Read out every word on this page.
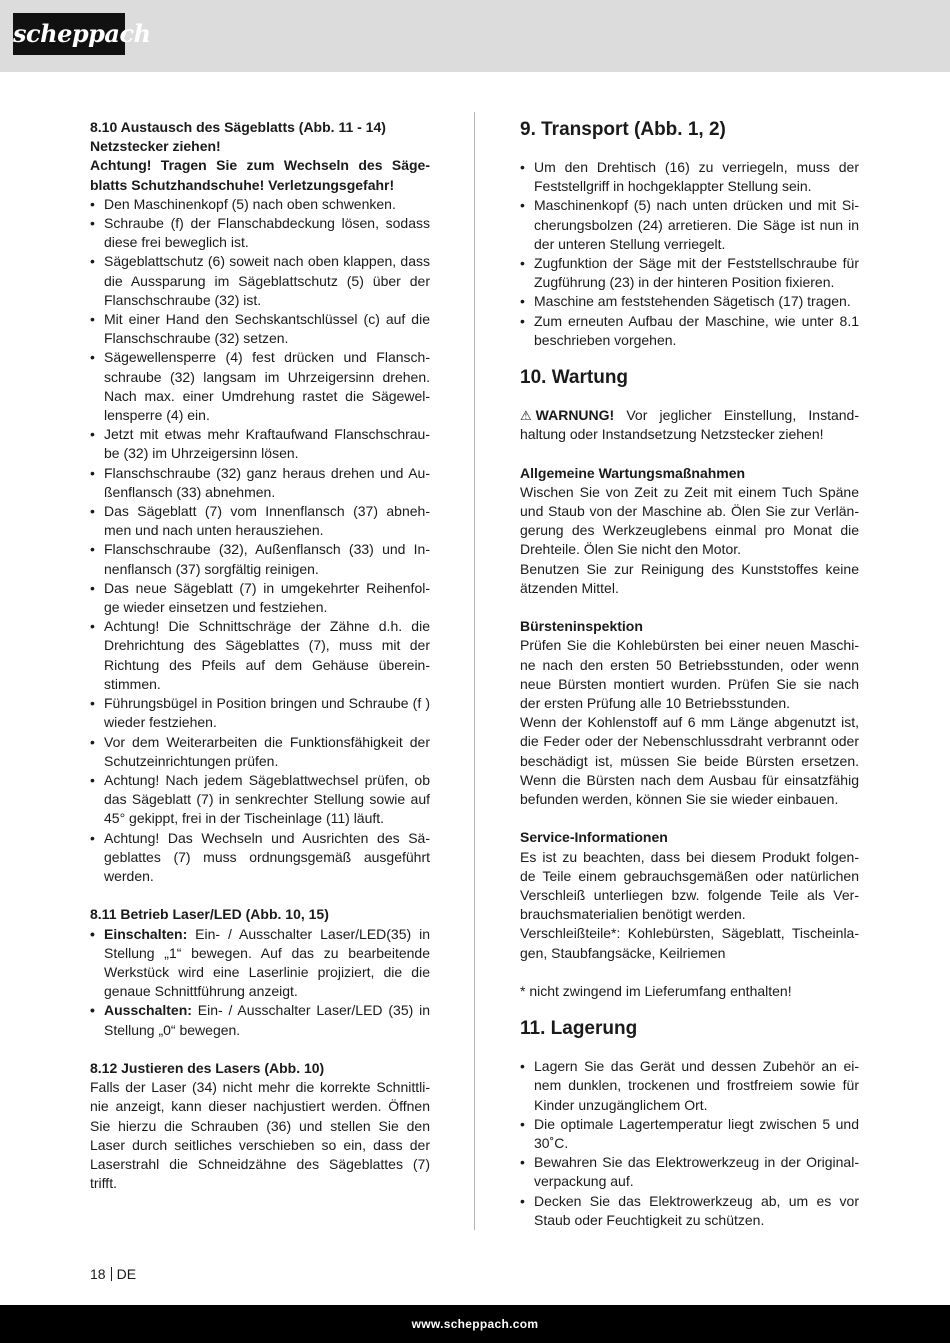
scheppach

8.10 Austausch des Sägeblatts (Abb. 11 - 14)

Netzstecker ziehen!

Achtung! Tragen Sie zum Wechseln des Säge- blatts Schutzhandschuhe! Verletzungsgefahr!

• Den Maschinenkopf (5) nach oben schwenken.
• Schraube (f) der Flanschabdeckung lösen, sodass diese frei beweglich ist.
• Sägeblattschutz (6) soweit nach oben klappen, dass die Aussparung im Sägeblattschutz (5) über der Flanschschraube (32) ist.
• Mit einer Hand den Sechskantschlüssel (c) auf die Flanschschraube (32) setzen.
• Sägewellensperre (4) fest drücken und Flansch- schraube (32) langsam im Uhrzeigersinn drehen. Nach max. einer Umdrehung rastet die Sägewel- lensperre (4) ein.
• Jetzt mit etwas mehr Kraftaufwand Flanschschrau- be (32) im Uhrzeigersinn lösen.
• Flanschschraube (32) ganz heraus drehen und Au- ßenflansch (33) abnehmen.
• Das Sägeblatt (7) vom Innenflansch (37) abneh- men und nach unten herausziehen.
• Flanschschraube (32), Außenflansch (33) und In- nenflansch (37) sorgfältig reinigen.
• Das neue Sägeblatt (7) in umgekehrter Reihenfol- ge wieder einsetzen und festziehen.
• Achtung! Die Schnittschräge der Zähne d.h. die Drehrichtung des Sägeblattes (7), muss mit der Richtung des Pfeils auf dem Gehäuse überein- stimmen.
• Führungsbügel in Position bringen und Schraube (f ) wieder festziehen.
• Vor dem Weiterarbeiten die Funktionsfähigkeit der Schutzeinrichtungen prüfen.
• Achtung! Nach jedem Sägeblattwechsel prüfen, ob das Sägeblatt (7) in senkrechter Stellung sowie auf 45° gekippt, frei in der Tischeinlage (11) läuft.
• Achtung! Das Wechseln und Ausrichten des Sä- geblattes (7) muss ordnungsgemäß ausgeführt werden.

8.11 Betrieb Laser/LED (Abb. 10, 15)

• Einschalten: Ein- / Ausschalter Laser/LED(35) in Stellung „1“ bewegen. Auf das zu bearbeitende Werkstück wird eine Laserlinie projiziert, die die genaue Schnittführung anzeigt.
• Ausschalten: Ein- / Ausschalter Laser/LED (35) in Stellung „0“ bewegen.

8.12 Justieren des Lasers (Abb. 10)

Falls der Laser (34) nicht mehr die korrekte Schnittli- nie anzeigt, kann dieser nachjustiert werden. Öffnen Sie hierzu die Schrauben (36) und stellen Sie den Laser durch seitliches verschieben so ein, dass der Laserstrahl die Schneidzähne des Sägeblattes (7) trifft.

9. Transport (Abb. 1, 2)
• Um den Drehtisch (16) zu verriegeln, muss der Feststellgriff in hochgeklappter Stellung sein.
• Maschinenkopf (5) nach unten drücken und mit Si- cherungsbolzen (24) arretieren. Die Säge ist nun in der unteren Stellung verriegelt.
• Zugfunktion der Säge mit der Feststellschraube für Zugführung (23) in der hinteren Position fixieren.
• Maschine am feststehenden Sägetisch (17) tragen.
• Zum erneuten Aufbau der Maschine, wie unter 8.1 beschrieben vorgehen.
10. Wartung

⚠ WARNUNG! Vor jeglicher Einstellung, Instand- haltung oder Instandsetzung Netzstecker ziehen!

Allgemeine Wartungsmaßnahmen

Wischen Sie von Zeit zu Zeit mit einem Tuch Späne und Staub von der Maschine ab. Ölen Sie zur Verlän- gerung des Werkzeuglebens einmal pro Monat die Drehteile. Ölen Sie nicht den Motor.

Benutzen Sie zur Reinigung des Kunststoffes keine ätzenden Mittel.

Bürsteninspektion

Prüfen Sie die Kohlebürsten bei einer neuen Maschi- ne nach den ersten 50 Betriebsstunden, oder wenn neue Bürsten montiert wurden. Prüfen Sie sie nach der ersten Prüfung alle 10 Betriebsstunden.

Wenn der Kohlenstoff auf 6 mm Länge abgenutzt ist, die Feder oder der Nebenschlussdraht verbrannt oder beschädigt ist, müssen Sie beide Bürsten ersetzen. Wenn die Bürsten nach dem Ausbau für einsatzfähig befunden werden, können Sie sie wieder einbauen.

Service-Informationen

Es ist zu beachten, dass bei diesem Produkt folgen- de Teile einem gebrauchsgemäßen oder natürlichen Verschleiß unterliegen bzw. folgende Teile als Ver- brauchsmaterialien benötigt werden.

Verschleißteile*: Kohlebürsten, Sägeblatt, Tischeinla- gen, Staubfangsäcke, Keilriemen

* nicht zwingend im Lieferumfang enthalten!

11. Lagerung
• Lagern Sie das Gerät und dessen Zubehör an ei- nem dunklen, trockenen und frostfreiem sowie für Kinder unzugänglichem Ort.
• Die optimale Lagertemperatur liegt zwischen 5 und 30˚C.
• Bewahren Sie das Elektrowerkzeug in der Original- verpackung auf.
• Decken Sie das Elektrowerkzeug ab, um es vor Staub oder Feuchtigkeit zu schützen.
18 DE
www.scheppach.com
